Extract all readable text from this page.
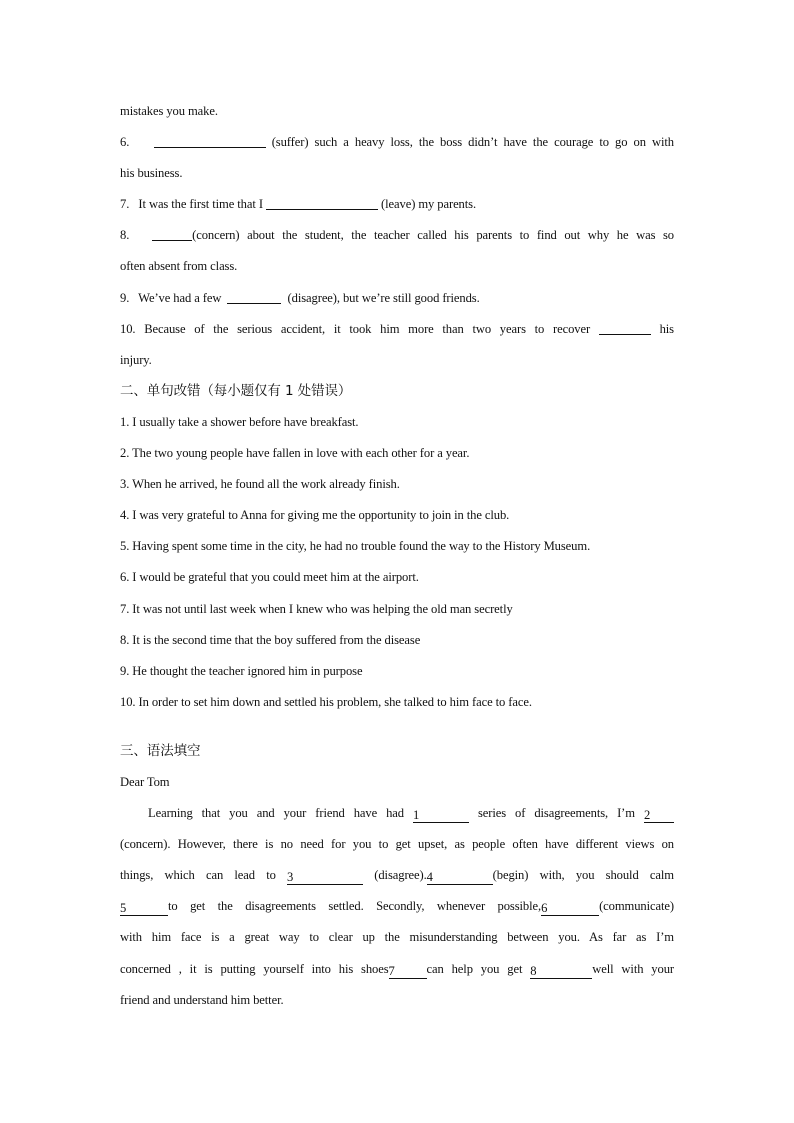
mistakes you make.
6.	(suffer) such a heavy loss, the boss didn’t have the courage to go on with
his business.
7. It was the first time that I	(leave) my parents.
8.	(concern) about the student, the teacher called his parents to find out why he was so
often absent from class.
9. We’ve had a few	(disagree), but we’re still good friends.
10. Because of the serious accident, it took him more than two years to recover	his
injury.
二、单句改错（每小题仅有 1 处错误）
1. I usually take a shower before have breakfast.
2. The two young people have fallen in love with each other for a year.
3. When he arrived, he found all the work already finish.
4. I was very grateful to Anna for giving me the opportunity to join in the club.
5. Having spent some time in the city, he had no trouble found the way to the History Museum.
6. I would be grateful that you could meet him at the airport.
7. It was not until last week when I knew who was helping the old man secretly
8. It is the second time that the boy suffered from the disease
9. He thought the teacher ignored him in purpose
10. In order to set him down and settled his problem, she talked to him face to face.
三、语法填空
Dear Tom
Learning that you and your friend have had 1	series of disagreements, I’m 2
(concern). However, there is no need for you to get upset, as people often have different views on
things, which can lead to 3	(disagree).4	(begin) with, you should calm
5	to get the disagreements settled. Secondly, whenever possible,6	(communicate)
with him face is a great way to clear up the misunderstanding between you. As far as I’m
concerned , it is putting yourself into his shoes7	can help you get 8	well with your
friend and understand him better.
